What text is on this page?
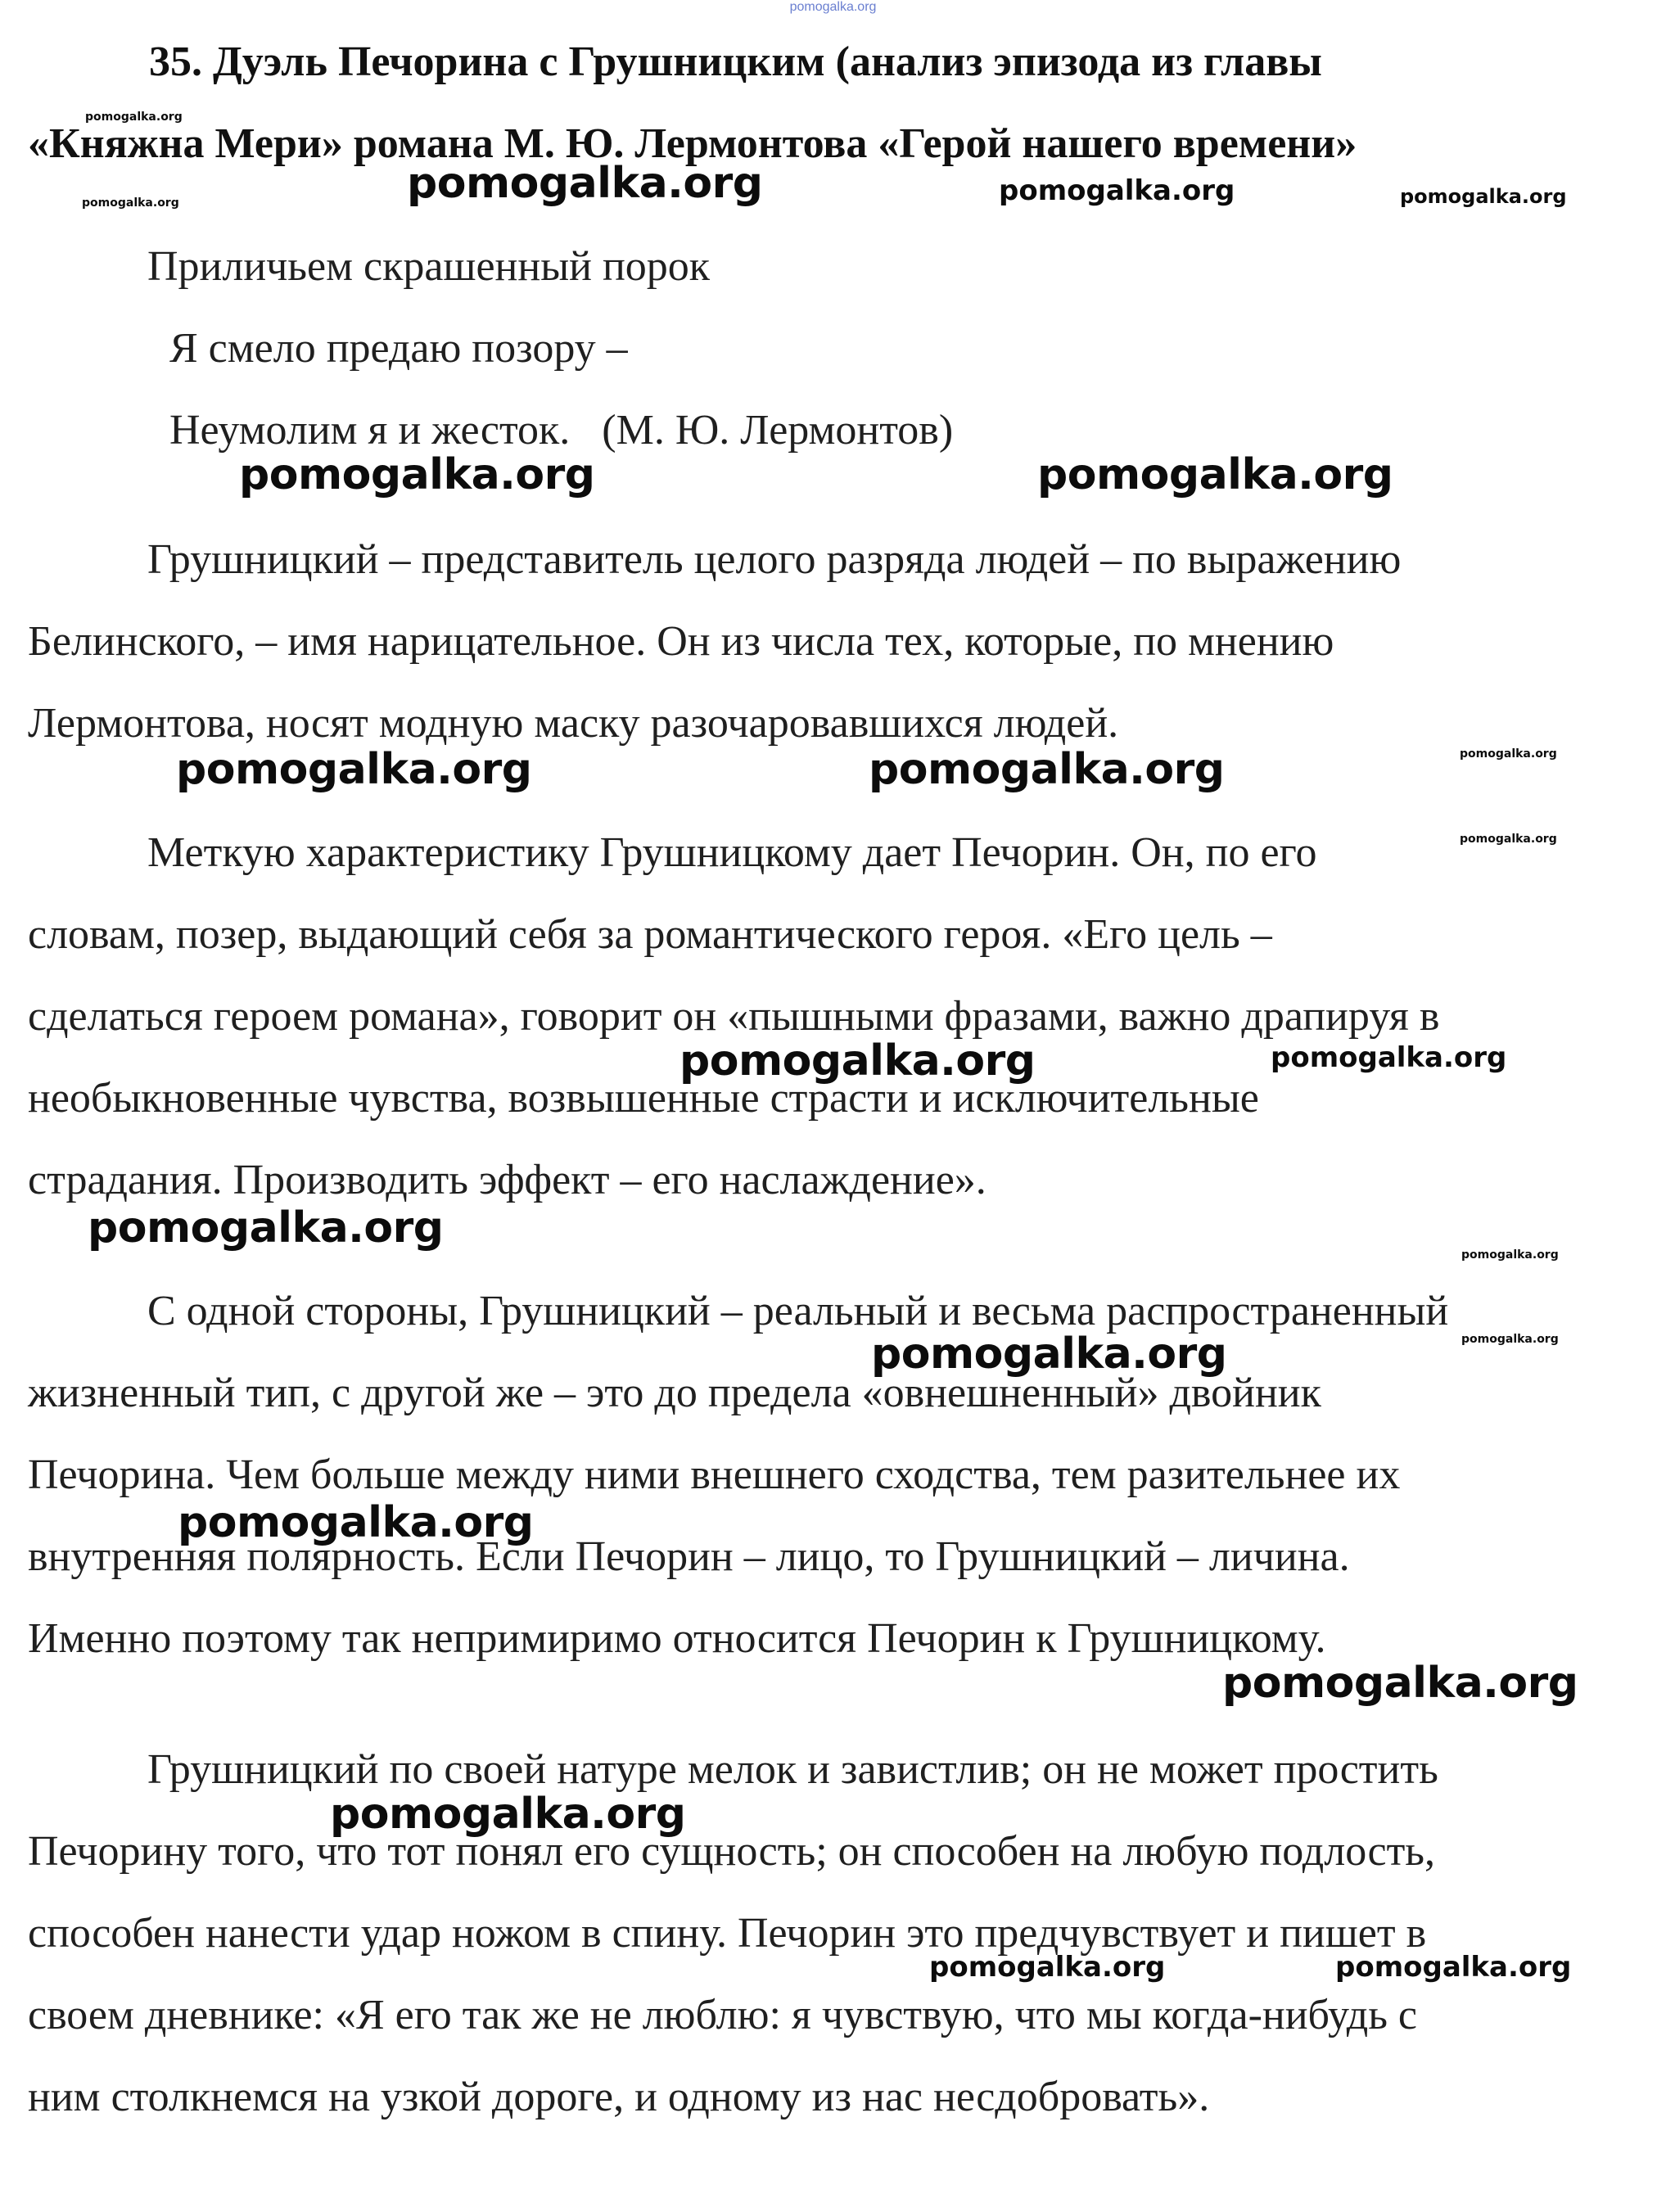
pomogalka.org
35. Дуэль Печорина с Грушницким (анализ эпизода из главы
«Княжна Мери» романа М. Ю. Лермонтова «Герой нашего времени»
Приличьем скрашенный порок
Я смело предаю позору –
Неумолим я и жесток.   (М. Ю. Лермонтов)
Грушницкий – представитель целого разряда людей – по выражению
Белинского, – имя нарицательное. Он из числа тех, которые, по мнению
Лермонтова, носят модную маску разочаровавшихся людей.
Меткую характеристику Грушницкому дает Печорин. Он, по его
словам, позер, выдающий себя за романтического героя. «Его цель –
сделаться героем романа», говорит он «пышными фразами, важно драпируя в
необыкновенные чувства, возвышенные страсти и исключительные
страдания. Производить эффект – его наслаждение».
С одной стороны, Грушницкий – реальный и весьма распространенный
жизненный тип, с другой же – это до предела «овнешненный» двойник
Печорина. Чем больше между ними внешнего сходства, тем разительнее их
внутренняя полярность. Если Печорин – лицо, то Грушницкий – личина.
Именно поэтому так непримиримо относится Печорин к Грушницкому.
Грушницкий по своей натуре мелок и завистлив; он не может простить
Печорину того, что тот понял его сущность; он способен на любую подлость,
способен нанести удар ножом в спину. Печорин это предчувствует и пишет в
своем дневнике: «Я его так же не люблю: я чувствую, что мы когда-нибудь с
ним столкнемся на узкой дороге, и одному из нас несдобровать».
pomogalka.org
pomogalka.org	pomogalka.org	pomogalka.org	pomogalka.org
pomogalka.org	pomogalka.org
pomogalka.org	pomogalka.org	pomogalka.org
pomogalka.org
pomogalka.org	pomogalka.org
pomogalka.org
pomogalka.org
pomogalka.org
pomogalka.org
pomogalka.org
pomogalka.org
pomogalka.org
pomogalka.org	pomogalka.org
